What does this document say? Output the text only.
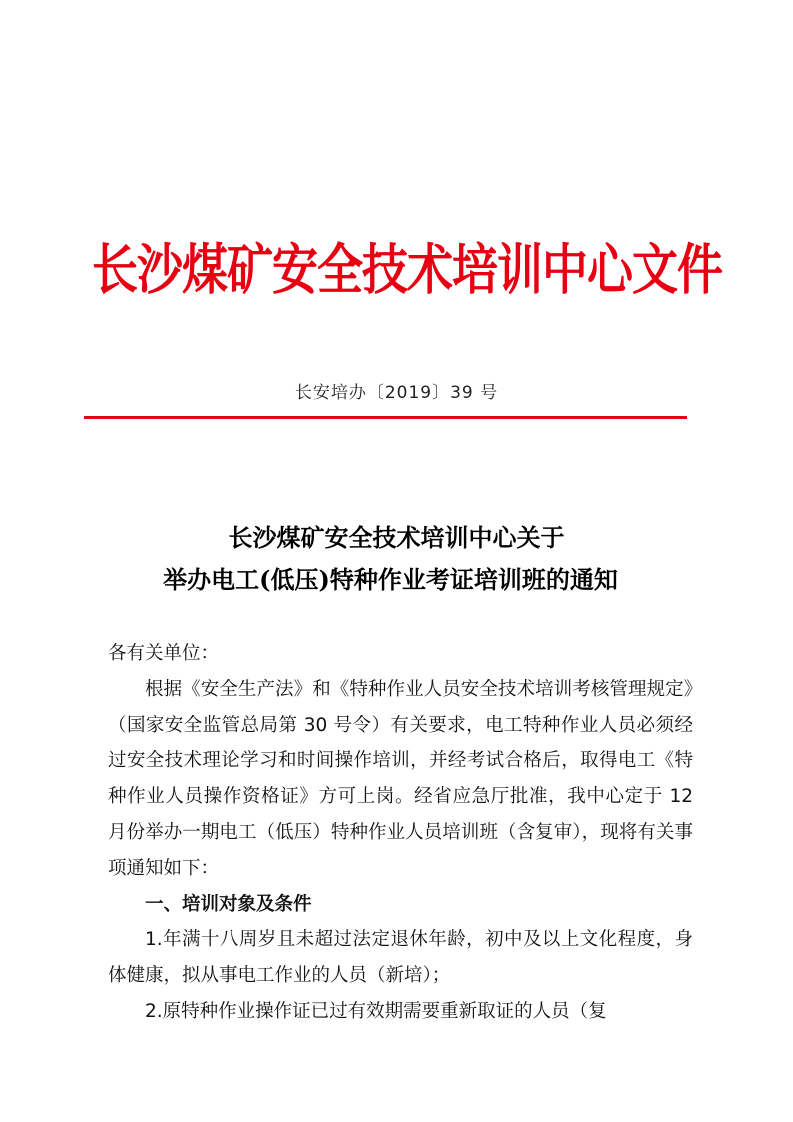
长沙煤矿安全技术培训中心文件
长安培办〔2019〕39 号
长沙煤矿安全技术培训中心关于
举办电工(低压)特种作业考证培训班的通知

各有关单位：

根据《安全生产法》和《特种作业人员安全技术培训考核管理规定》（国家安全监管总局第 30 号令）有关要求，电工特种作业人员必须经过安全技术理论学习和时间操作培训，并经考试合格后，取得电工《特种作业人员操作资格证》方可上岗。经省应急厅批准，我中心定于 12 月份举办一期电工（低压）特种作业人员培训班（含复审），现将有关事项通知如下：

一、培训对象及条件

1.年满十八周岁且未超过法定退休年龄，初中及以上文化程度，身体健康，拟从事电工作业的人员（新培）；

2.原特种作业操作证已过有效期需要重新取证的人员（复
